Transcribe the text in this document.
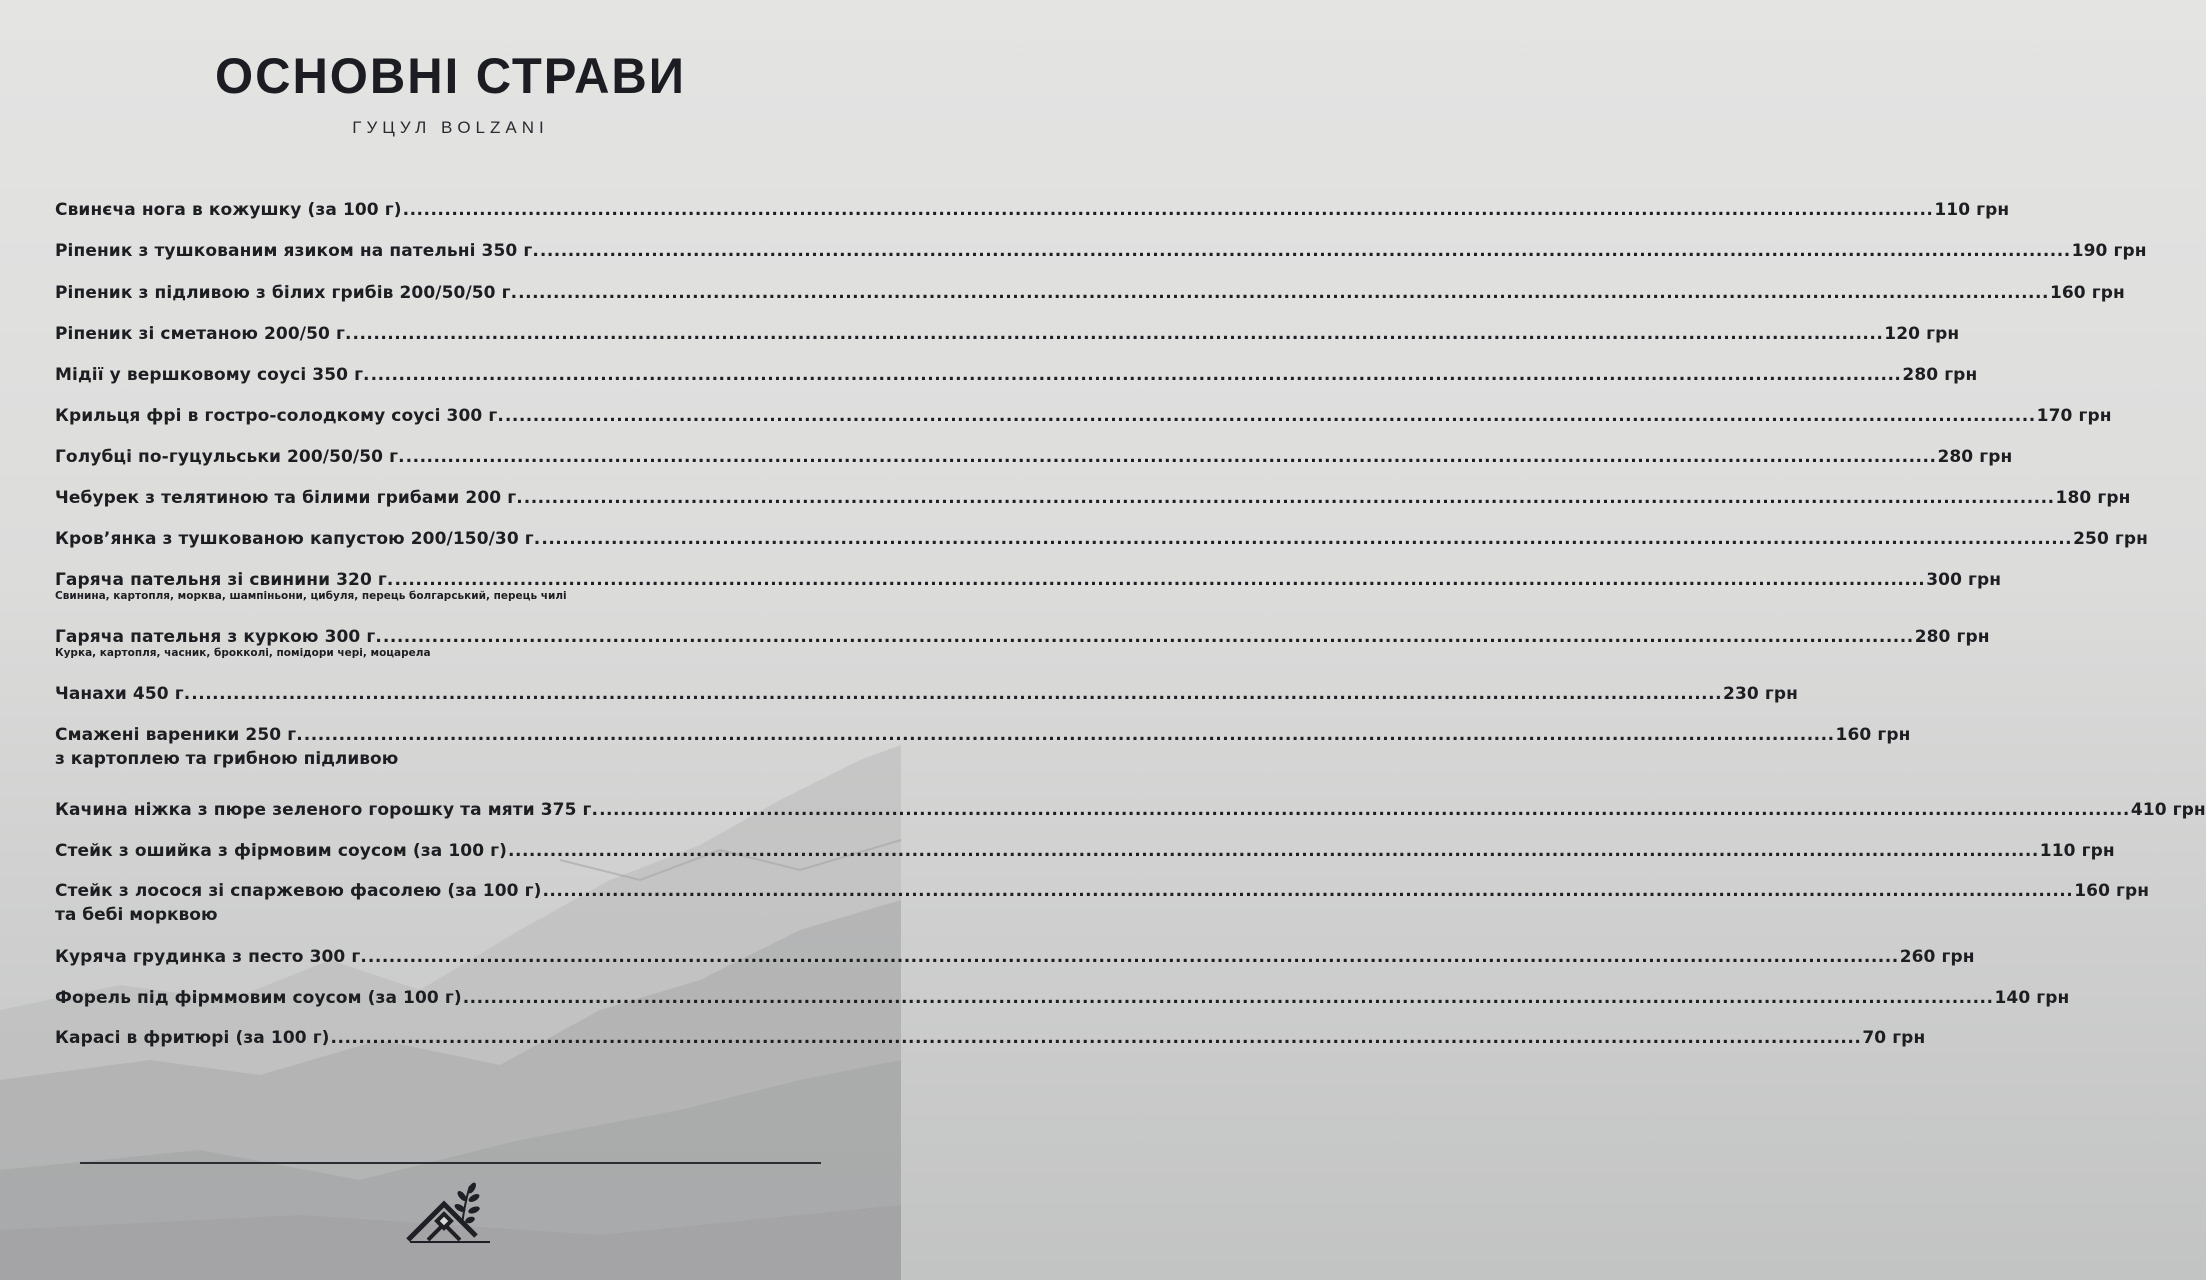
ОСНОВНІ СТРАВИ
ГУЦУЛ BOLZANI
Свинєча нога в кожушку (за 100 г) ............................................................................................................................................................................................................................ 110 грн
Ріпеник з тушкованим язиком на пательні 350 г. ............................................................................................................................................................................................................................ 190 грн
Ріпеник з підливою з білих грибів 200/50/50 г. ............................................................................................................................................................................................................................ 160 грн
Ріпеник зі сметаною 200/50 г. ............................................................................................................................................................................................................................ 120 грн
Мідії у вершковому соусі 350 г. ............................................................................................................................................................................................................................ 280 грн
Крильця фрі в гостро-солодкому соусі 300 г. ............................................................................................................................................................................................................................ 170 грн
Голубці по-гуцульськи 200/50/50 г. ............................................................................................................................................................................................................................ 280 грн
Чебурек з телятиною та білими грибами 200 г. ............................................................................................................................................................................................................................ 180 грн
Кров’янка з тушкованою капустою 200/150/30 г. ............................................................................................................................................................................................................................ 250 грн
Гаряча пательня зі свинини 320 г. ............................................................................................................................................................................................................................ 300 грн
Свинина, картопля, морква, шампіньони, цибуля, перець болгарський, перець чилі
Гаряча пательня з куркою 300 г. ............................................................................................................................................................................................................................ 280 грн
Курка, картопля, часник, брокколі, помідори чері, моцарела
Чанахи 450 г. ............................................................................................................................................................................................................................ 230 грн
Смажені вареники 250 г. ............................................................................................................................................................................................................................ 160 грн
з картоплею та грибною підливою
Качина ніжка з пюре зеленого горошку та мяти 375 г. ............................................................................................................................................................................................................................ 410 грн
Стейк з ошийка з фірмовим соусом (за 100 г) ............................................................................................................................................................................................................................ 110 грн
Стейк з лосося зі спаржевою фасолею (за 100 г) ............................................................................................................................................................................................................................ 160 грн
та бебі морквою
Куряча грудинка з песто 300 г. ............................................................................................................................................................................................................................ 260 грн
Форель під фірммовим соусом (за 100 г) ............................................................................................................................................................................................................................ 140 грн
Карасі в фритюрі (за 100 г) ............................................................................................................................................................................................................................ 70 грн
